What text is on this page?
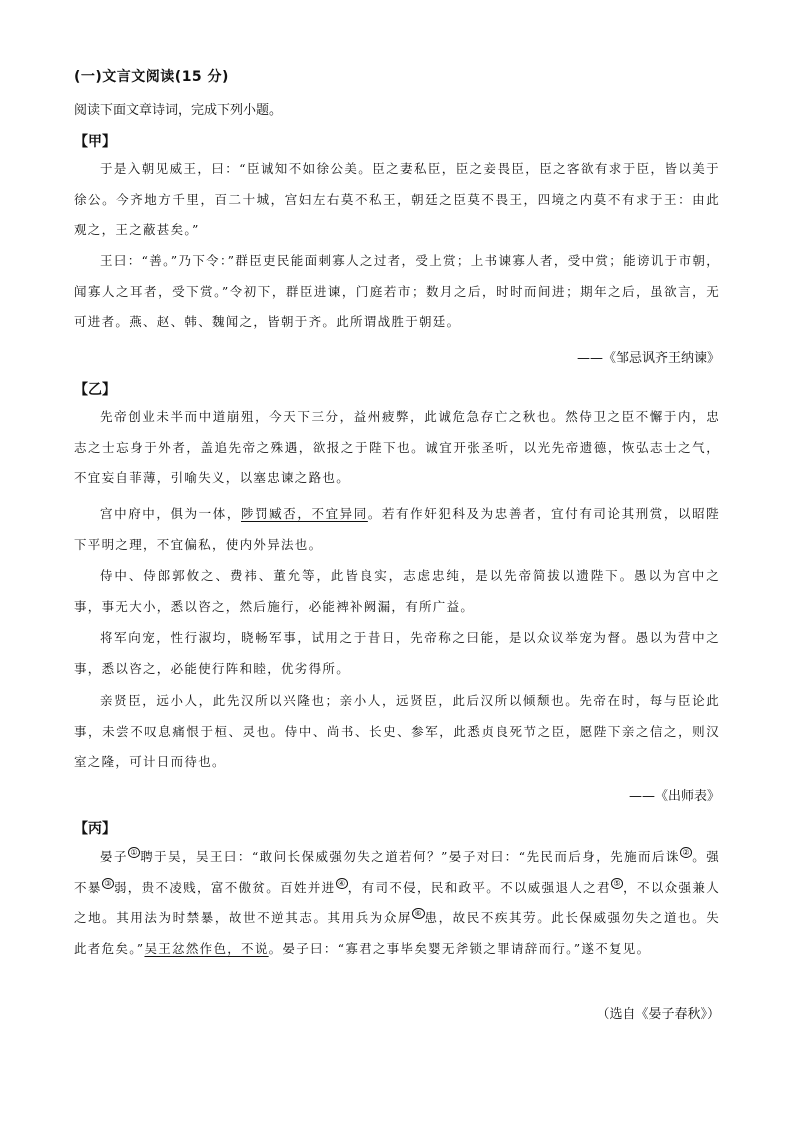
(一)文言文阅读(15 分)
阅读下面文章诗词，完成下列小题。
【甲】

于是入朝见威王，曰：“臣诚知不如徐公美。臣之妻私臣，臣之妾畏臣，臣之客欲有求于臣，皆以美于徐公。今齐地方千里，百二十城，宫妇左右莫不私王，朝廷之臣莫不畏王，四境之内莫不有求于王：由此观之，王之蔽甚矣。”

王曰：“善。”乃下令：”群臣吏民能面刺寡人之过者，受上赏；上书谏寡人者，受中赏；能谤讥于市朝，闻寡人之耳者，受下赏。”令初下，群臣进谏，门庭若市；数月之后，时时而间进；期年之后，虽欲言，无可进者。燕、赵、韩、魏闻之，皆朝于齐。此所谓战胜于朝廷。

——《邹忌讽齐王纳谏》
【乙】

先帝创业未半而中道崩殂，今天下三分，益州疲弊，此诚危急存亡之秋也。然侍卫之臣不懈于内，忠志之士忘身于外者，盖追先帝之殊遇，欲报之于陛下也。诚宜开张圣听，以光先帝遗德，恢弘志士之气，不宜妄自菲薄，引喻失义，以塞忠谏之路也。

宫中府中，俱为一体，陟罚臧否，不宜异同。若有作奸犯科及为忠善者，宜付有司论其刑赏，以昭陛下平明之理，不宜偏私，使内外异法也。

侍中、侍郎郭攸之、费祎、董允等，此皆良实，志虑忠纯，是以先帝简拔以遗陛下。愚以为宫中之事，事无大小，悉以咨之，然后施行，必能裨补阙漏，有所广益。

将军向宠，性行淑均，晓畅军事，试用之于昔日，先帝称之曰能，是以众议举宠为督。愚以为营中之事，悉以咨之，必能使行阵和睦，优劣得所。

亲贤臣，远小人，此先汉所以兴隆也；亲小人，远贤臣，此后汉所以倾颓也。先帝在时，每与臣论此事，未尝不叹息痛恨于桓、灵也。侍中、尚书、长史、参军，此悉贞良死节之臣，愿陛下亲之信之，则汉室之隆，可计日而待也。

——《出师表》
【丙】

晏子 ① 聘于吴，吴王曰：“敢问长保威强勿失之道若何？”晏子对曰：“先民而后身，先施而后诛 ② 。强不暴 ③ 弱，贵不凌贱，富不傲贫。百姓并进 ④ ，有司不侵，民和政平。不以威强退人之君 ⑤ ，不以众强兼人之地。其用法为时禁暴，故世不逆其志。其用兵为众屏 ⑥ 患，故民不疾其劳。此长保威强勿失之道也。失此者危矣。”吴王忿然作色，不说。晏子曰：“寡君之事毕矣婴无斧锁之罪请辞而行。”遂不复见。

（选自《晏子春秋》）
